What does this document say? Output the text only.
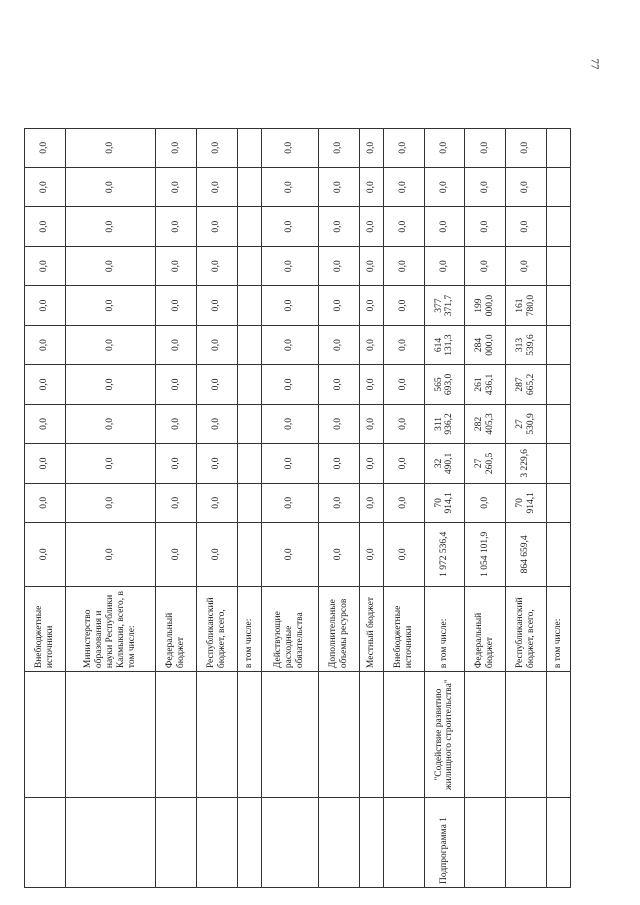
77
		Внебюджетные источники	0,0	0,0	0,0	0,0	0,0	0,0	0,0	0,0	0,0	0,0	0,0
		Министерство образования и науки Республики Калмыкия, всего, в том числе:	0,0	0,0	0,0	0,0	0,0	0,0	0,0	0,0	0,0	0,0	0,0
		Федеральный бюджет	0,0	0,0	0,0	0,0	0,0	0,0	0,0	0,0	0,0	0,0	0,0
		Республиканский бюджет, всего,	0,0	0,0	0,0	0,0	0,0	0,0	0,0	0,0	0,0	0,0	0,0
		в том числе:											
		Действующие расходные обязательства	0,0	0,0	0,0	0,0	0,0	0,0	0,0	0,0	0,0	0,0	0,0
		Дополнительные объемы ресурсов	0,0	0,0	0,0	0,0	0,0	0,0	0,0	0,0	0,0	0,0	0,0
		Местный бюджет	0,0	0,0	0,0	0,0	0,0	0,0	0,0	0,0	0,0	0,0	0,0
		Внебюджетные источники	0,0	0,0	0,0	0,0	0,0	0,0	0,0	0,0	0,0	0,0	0,0
Подпрограмма 1	"Содействие развитию жилищного строительства"	в том числе:	1 972 536,4	70 914,1	32 490,1	311 936,2	565 693,0	614 131,3	377 371,7	0,0	0,0	0,0	0,0
		Федеральный бюджет	1 054 101,9	0,0	27 260,5	282 405,3	261 436,1	284 000,0	199 000,0	0,0	0,0	0,0	0,0
		Республиканский бюджет, всего,	864 659,4	70 914,1	3 229,6	27 530,9	287 665,2	313 539,6	161 780,0	0,0	0,0	0,0	0,0
		в том числе:											
